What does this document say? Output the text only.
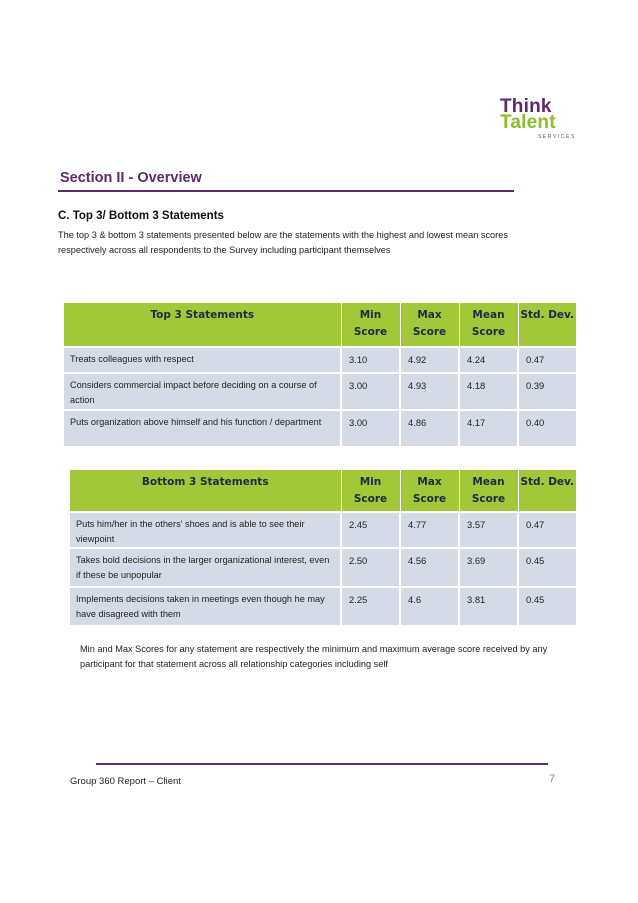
Think
Talent
SERVICES
Section II - Overview
C. Top 3/ Bottom 3 Statements
The top 3 & bottom 3 statements presented below are the statements with the highest and lowest mean scores respectively across all respondents to the Survey including participant themselves
Top 3 Statements	Min Score	Max Score	Mean Score	Std. Dev.
Treats colleagues with respect	3.10	4.92	4.24	0.47
Considers commercial impact before deciding on a course of action	3.00	4.93	4.18	0.39
Puts organization above himself and his function / department	3.00	4.86	4.17	0.40
Bottom 3 Statements	Min Score	Max Score	Mean Score	Std. Dev.
Puts him/her in the others' shoes and is able to see their viewpoint	2.45	4.77	3.57	0.47
Takes bold decisions in the larger organizational interest, even if these be unpopular	2.50	4.56	3.69	0.45
Implements decisions taken in meetings even though he may have disagreed with them	2.25	4.6	3.81	0.45
Min and Max Scores for any statement are respectively the minimum and maximum average score received by any participant for that statement across all relationship categories including self
Group 360 Report – Client	7
